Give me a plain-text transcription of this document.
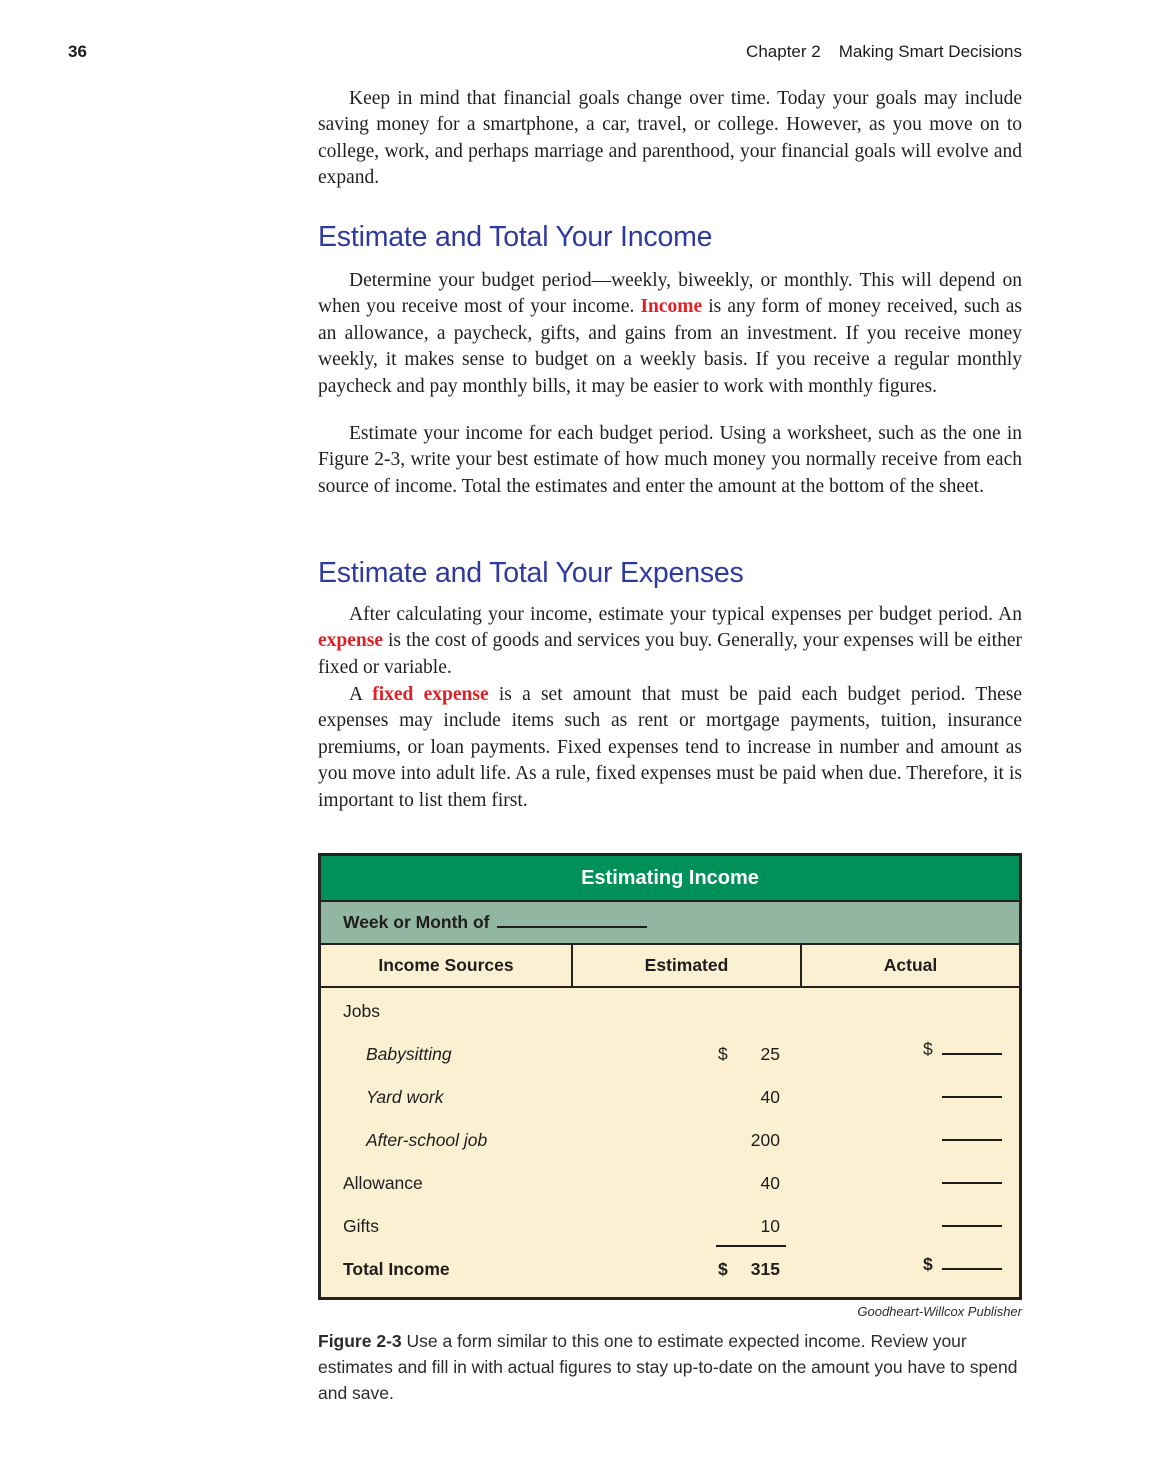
36	Chapter 2 Making Smart Decisions

Keep in mind that financial goals change over time. Today your goals may include saving money for a smartphone, a car, travel, or college. However, as you move on to college, work, and perhaps marriage and parenthood, your financial goals will evolve and expand.

Estimate and Total Your Income

Determine your budget period—weekly, biweekly, or monthly. This will depend on when you receive most of your income. Income is any form of money received, such as an allowance, a paycheck, gifts, and gains from an investment. If you receive money weekly, it makes sense to budget on a weekly basis. If you receive a regular monthly paycheck and pay monthly bills, it may be easier to work with monthly figures.

Estimate your income for each budget period. Using a worksheet, such as the one in Figure 2-3, write your best estimate of how much money you normally receive from each source of income. Total the estimates and enter the amount at the bottom of the sheet.

Estimate and Total Your Expenses

After calculating your income, estimate your typical expenses per budget period. An expense is the cost of goods and services you buy. Generally, your expenses will be either fixed or variable.

A fixed expense is a set amount that must be paid each budget period. These expenses may include items such as rent or mortgage payments, tuition, insurance premiums, or loan payments. Fixed expenses tend to increase in number and amount as you move into adult life. As a rule, fixed expenses must be paid when due. Therefore, it is important to list them first.

Estimating Income
Week or Month of
Income Sources	Estimated	Actual
Jobs
Babysitting	$ 25	$
Yard work	40
After-school job	200
Allowance	40
Gifts	10
Total Income	$ 315	$
Goodheart-Willcox Publisher
Figure 2-3 Use a form similar to this one to estimate expected income. Review your estimates and fill in with actual figures to stay up-to-date on the amount you have to spend and save.
